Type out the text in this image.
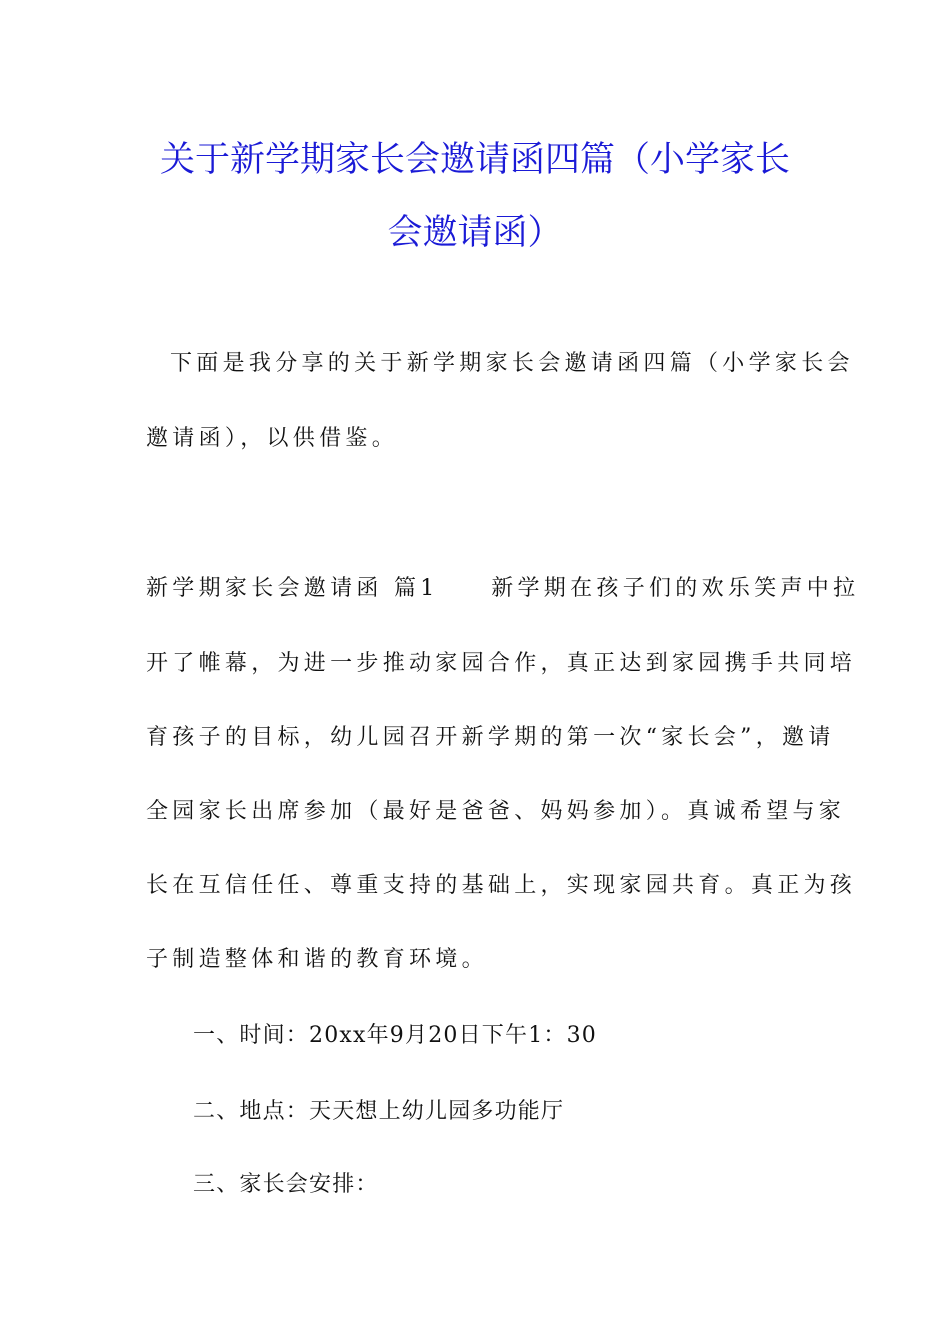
关于新学期家长会邀请函四篇（小学家长
会邀请函）
下面是我分享的关于新学期家长会邀请函四篇（小学家长会
邀请函），以供借鉴。
新学期家长会邀请函 篇1　　新学期在孩子们的欢乐笑声中拉
开了帷幕，为进一步推动家园合作，真正达到家园携手共同培
育孩子的目标，幼儿园召开新学期的第一次“家长会”，邀请
全园家长出席参加（最好是爸爸、妈妈参加）。真诚希望与家
长在互信任任、尊重支持的基础上，实现家园共育。真正为孩
子制造整体和谐的教育环境。
一、时间：20xx年9月20日下午1：30
二、地点：天天想上幼儿园多功能厅
三、家长会安排：
